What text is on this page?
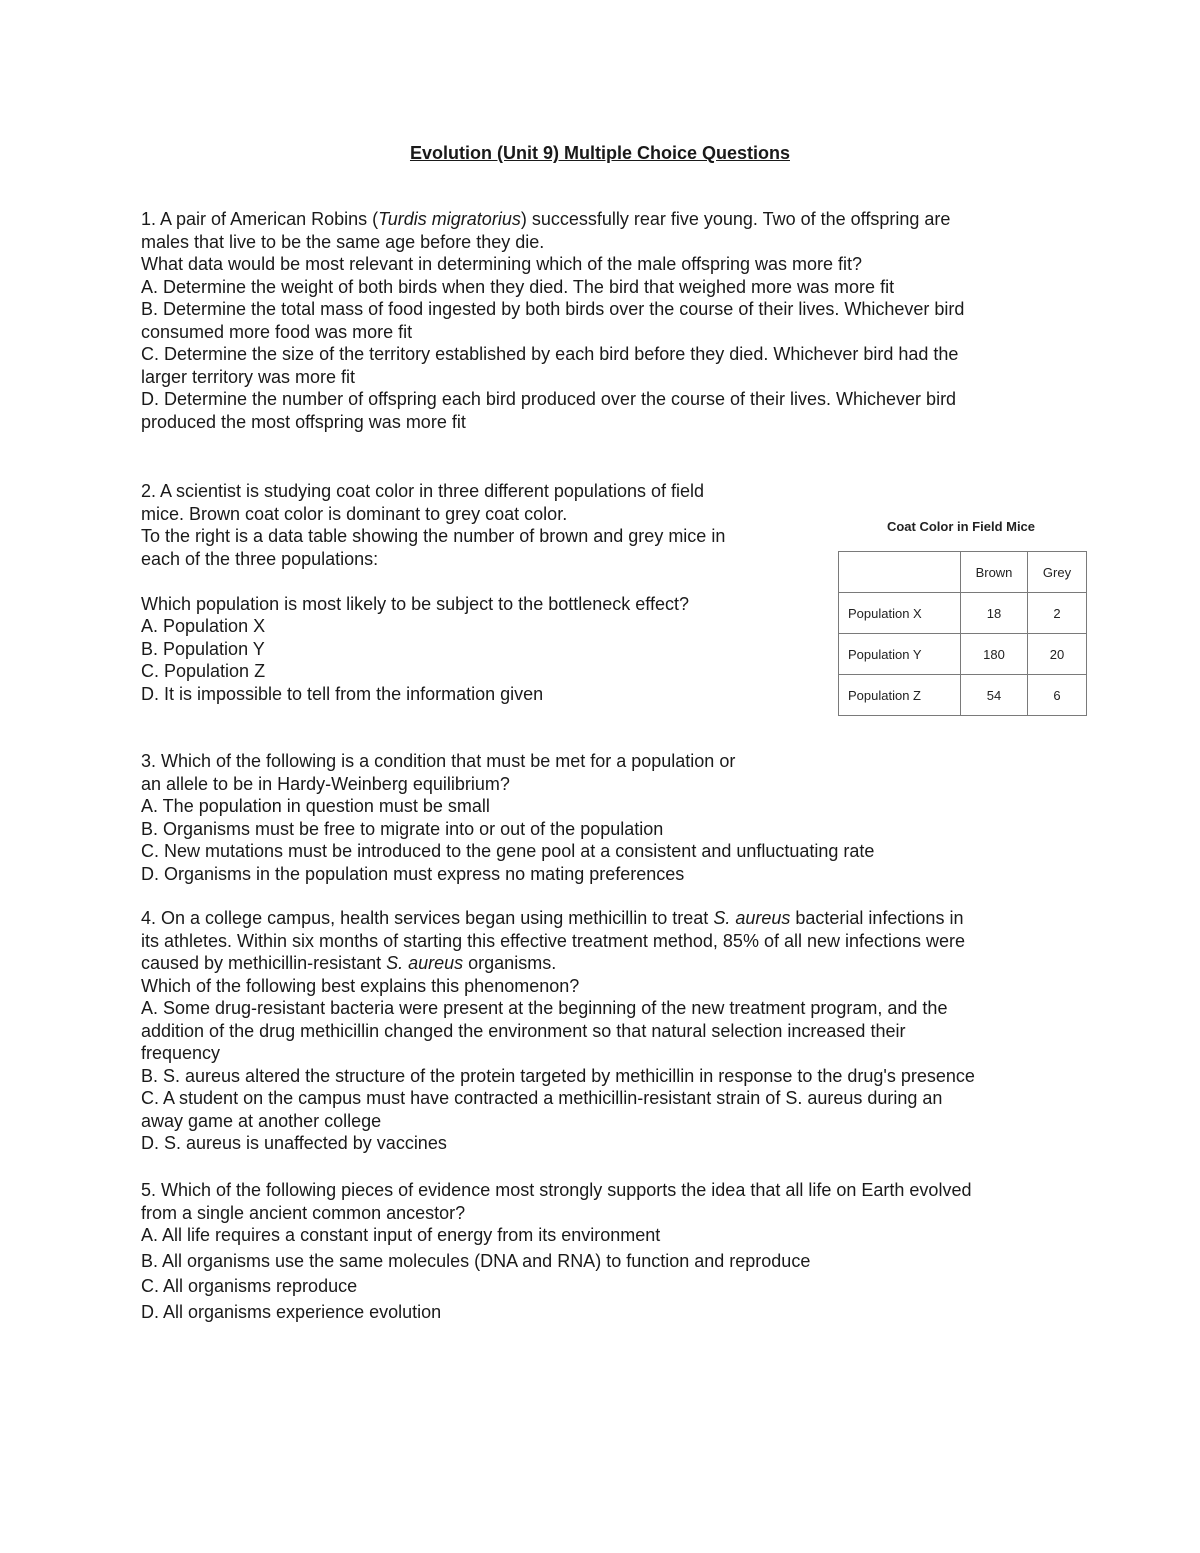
Evolution (Unit 9) Multiple Choice Questions
1. A pair of American Robins (Turdis migratorius) successfully rear five young. Two of the offspring are
males that live to be the same age before they die.
What data would be most relevant in determining which of the male offspring was more fit?
A. Determine the weight of both birds when they died. The bird that weighed more was more fit
B. Determine the total mass of food ingested by both birds over the course of their lives. Whichever bird
consumed more food was more fit
C. Determine the size of the territory established by each bird before they died. Whichever bird had the
larger territory was more fit
D. Determine the number of offspring each bird produced over the course of their lives. Whichever bird
produced the most offspring was more fit
2. A scientist is studying coat color in three different populations of field
mice. Brown coat color is dominant to grey coat color.
To the right is a data table showing the number of brown and grey mice in
each of the three populations:
Which population is most likely to be subject to the bottleneck effect?
A. Population X
B. Population Y
C. Population Z
D. It is impossible to tell from the information given
Coat Color in Field Mice
	Brown	Grey
Population X	18	2
Population Y	180	20
Population Z	54	6
3. Which of the following is a condition that must be met for a population or
an allele to be in Hardy-Weinberg equilibrium?
A. The population in question must be small
B. Organisms must be free to migrate into or out of the population
C. New mutations must be introduced to the gene pool at a consistent and unfluctuating rate
D. Organisms in the population must express no mating preferences
4. On a college campus, health services began using methicillin to treat S. aureus bacterial infections in
its athletes. Within six months of starting this effective treatment method, 85% of all new infections were
caused by methicillin-resistant S. aureus organisms.
Which of the following best explains this phenomenon?
A. Some drug-resistant bacteria were present at the beginning of the new treatment program, and the
addition of the drug methicillin changed the environment so that natural selection increased their
frequency
B. S. aureus altered the structure of the protein targeted by methicillin in response to the drug's presence
C. A student on the campus must have contracted a methicillin-resistant strain of S. aureus during an
away game at another college
D. S. aureus is unaffected by vaccines
5. Which of the following pieces of evidence most strongly supports the idea that all life on Earth evolved
from a single ancient common ancestor?
A. All life requires a constant input of energy from its environment
B. All organisms use the same molecules (DNA and RNA) to function and reproduce
C. All organisms reproduce
D. All organisms experience evolution
